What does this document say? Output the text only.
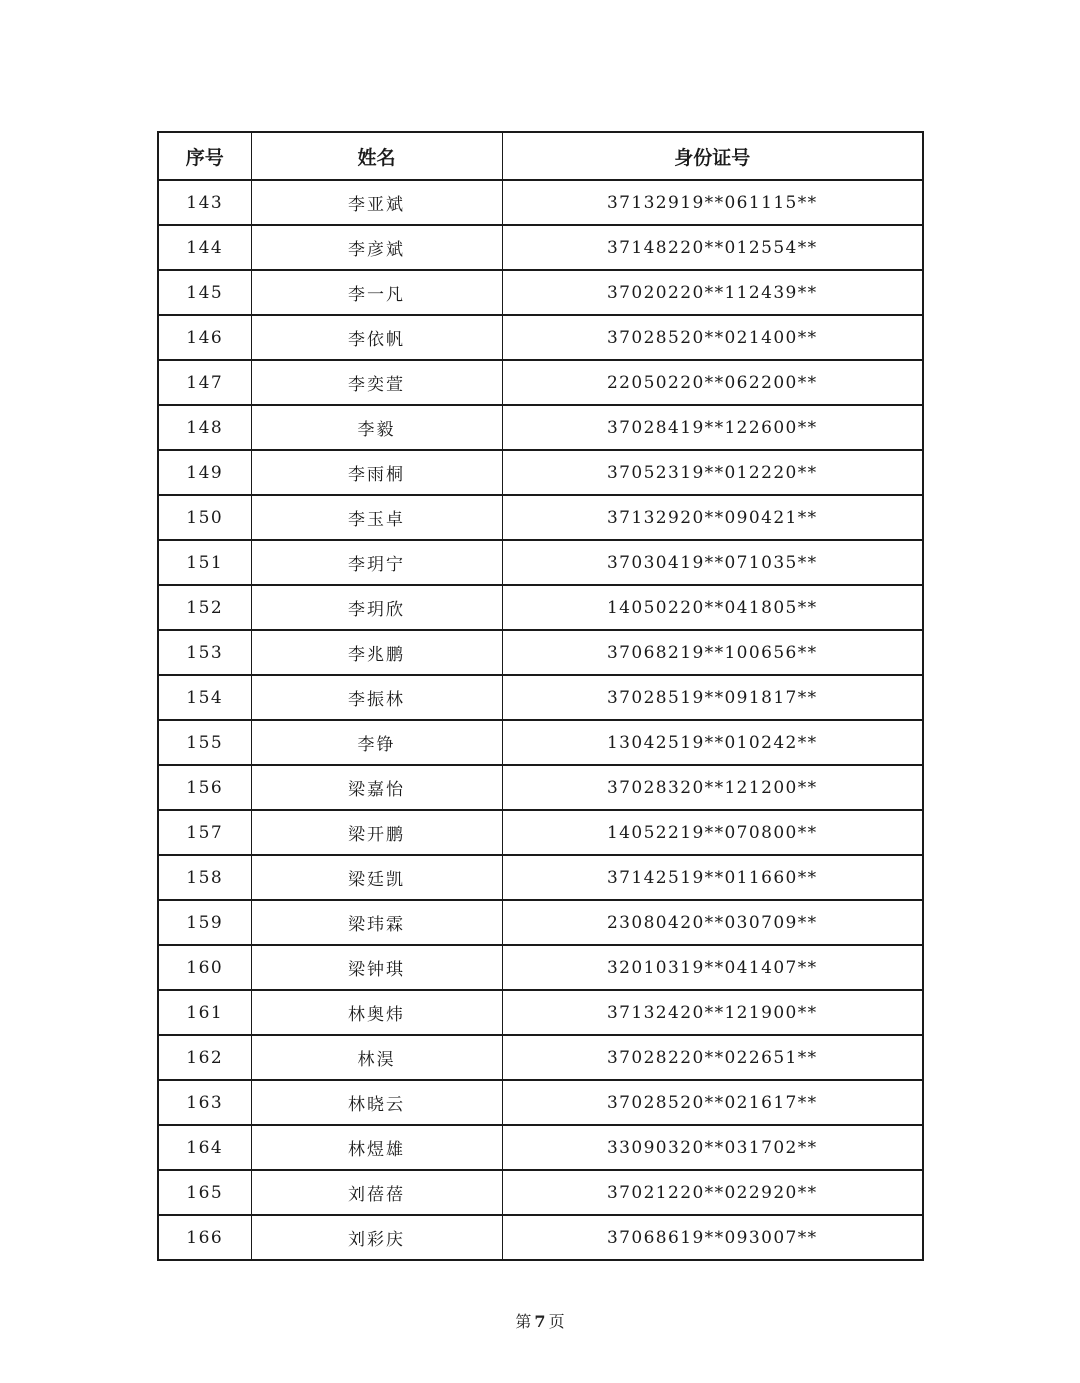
序号	姓名	身份证号
143	李亚斌	37132919**061115**
144	李彦斌	37148220**012554**
145	李一凡	37020220**112439**
146	李依帆	37028520**021400**
147	李奕萱	22050220**062200**
148	李毅	37028419**122600**
149	李雨桐	37052319**012220**
150	李玉卓	37132920**090421**
151	李玥宁	37030419**071035**
152	李玥欣	14050220**041805**
153	李兆鹏	37068219**100656**
154	李振林	37028519**091817**
155	李铮	13042519**010242**
156	梁嘉怡	37028320**121200**
157	梁开鹏	14052219**070800**
158	梁廷凯	37142519**011660**
159	梁玮霖	23080420**030709**
160	梁钟琪	32010319**041407**
161	林奥炜	37132420**121900**
162	林淏	37028220**022651**
163	林晓云	37028520**021617**
164	林煜雄	33090320**031702**
165	刘蓓蓓	37021220**022920**
166	刘彩庆	37068619**093007**
第 7 页
